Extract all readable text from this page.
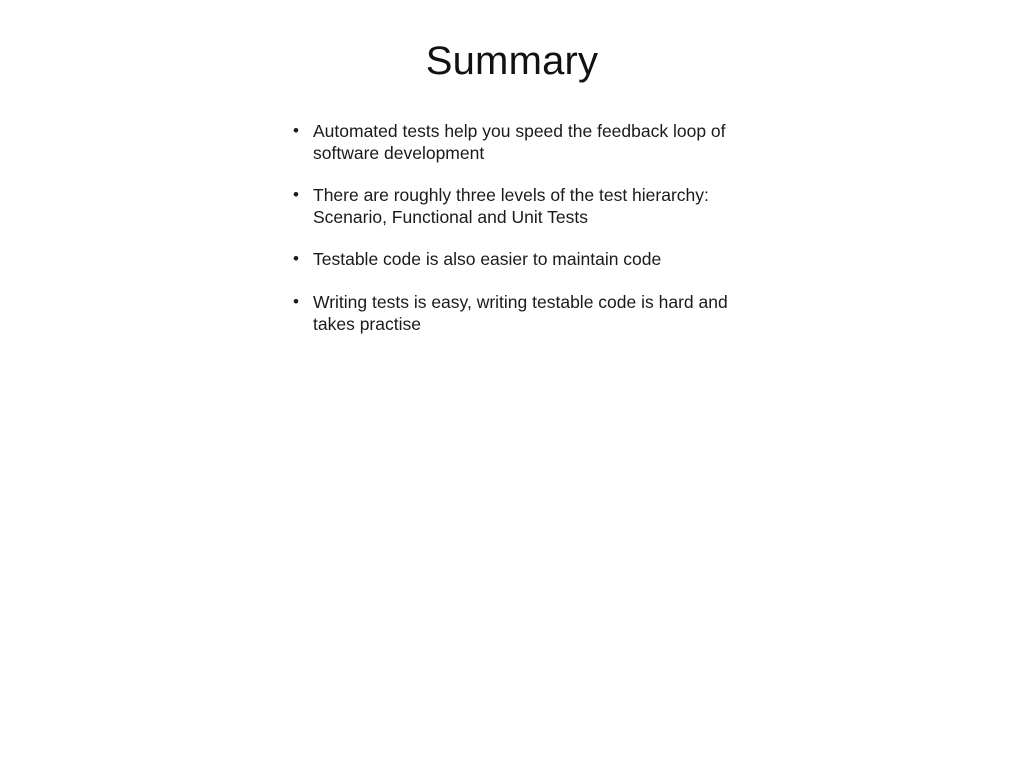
Summary
• Automated tests help you speed the feedback loop of software development
• There are roughly three levels of the test hierarchy: Scenario, Functional and Unit Tests
• Testable code is also easier to maintain code
• Writing tests is easy, writing testable code is hard and takes practise
